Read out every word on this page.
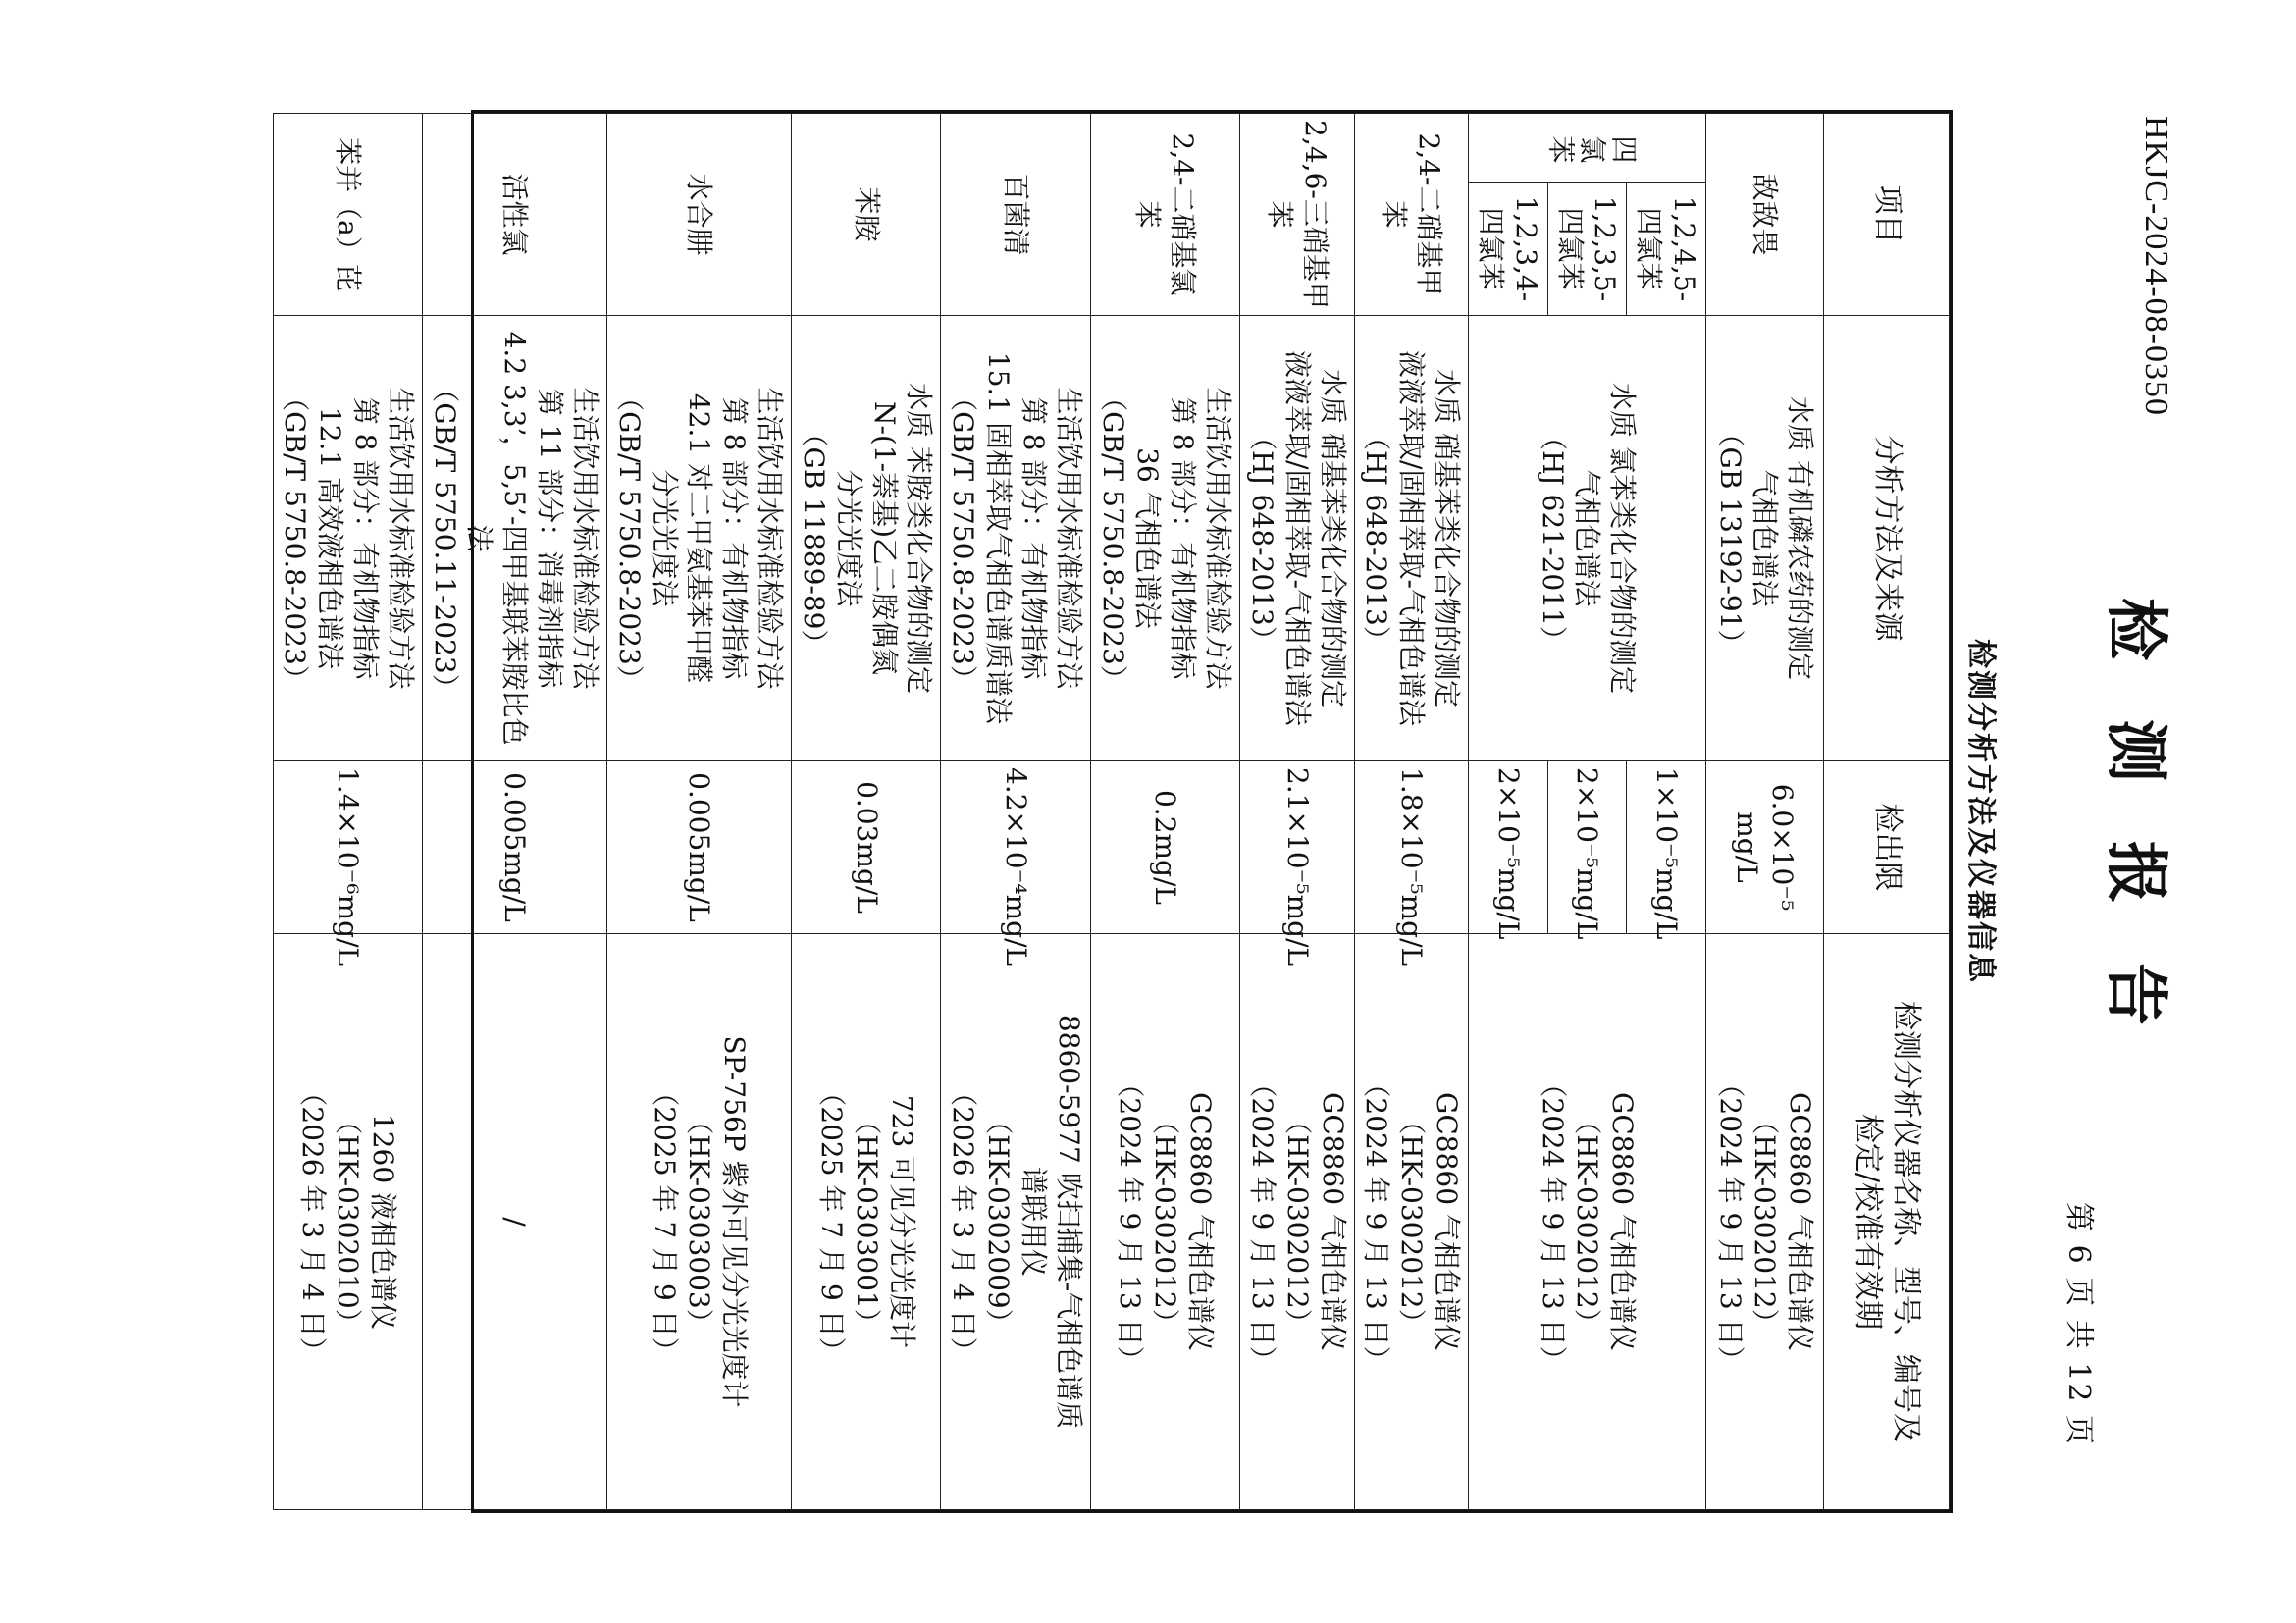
HKJC-2024-08-0350
检测报告
第 6 页 共 12 页
检测分析方法及仪器信息
项目		分析方法及来源	检出限	检测分析仪器名称、型号、编号及
检定/校准有效期

敌敌畏		水质 有机磷农药的测定
气相色谱法
（GB 13192-91）	6.0×10⁻⁵ mg/L	GC8860 气相色谱仪
（HK-0302012）
（2024 年 9 月 13 日）

四氯苯	1,2,4,5-四氯苯	水质 氯苯类化合物的测定
气相色谱法
（HJ 621-2011）	1×10⁻⁵mg/L	GC8860 气相色谱仪
（HK-0302012）
（2024 年 9 月 13 日）

	1,2,3,5-四氯苯		2×10⁻⁵mg/L	
	1,2,3,4-四氯苯		2×10⁻⁵mg/L	
2,4-二硝基甲苯		水质 硝基苯类化合物的测定
液液萃取/固相萃取-气相色谱法
（HJ 648-2013）	1.8×10⁻⁵mg/L	GC8860 气相色谱仪
（HK-0302012）
（2024 年 9 月 13 日）

2,4,6-三硝基甲苯		水质 硝基苯类化合物的测定
液液萃取/固相萃取-气相色谱法
（HJ 648-2013）	2.1×10⁻⁵mg/L	GC8860 气相色谱仪
（HK-0302012）
（2024 年 9 月 13 日）

2,4-二硝基氯苯		生活饮用水标准检验方法
第 8 部分：有机物指标
36 气相色谱法
（GB/T 5750.8-2023）	0.2mg/L	GC8860 气相色谱仪
（HK-0302012）
（2024 年 9 月 13 日）

百菌清		生活饮用水标准检验方法
第 8 部分：有机物指标
15.1 固相萃取气相色谱质谱法
（GB/T 5750.8-2023）	4.2×10⁻⁴mg/L	8860-5977 吹扫捕集-气相色谱质
谱联用仪
（HK-0302009）
（2026 年 3 月 4 日）

苯胺		水质 苯胺类化合物的测定
N-(1-萘基)乙二胺偶氮
分光光度法
（GB 11889-89）	0.03mg/L	723 可见分光光度计
（HK-0303001）
（2025 年 7 月 9 日）

水合肼		生活饮用水标准检验方法
第 8 部分：有机物指标
42.1 对二甲氨基苯甲醛
分光光度法
（GB/T 5750.8-2023）	0.005mg/L	SP-756P 紫外可见分光光度计
（HK-0303003）
（2025 年 7 月 9 日）

活性氯		生活饮用水标准检验方法
第 11 部分：消毒剂指标
4.2 3,3’，5,5’-四甲基联苯胺比色法
（GB/T 5750.11-2023）	0.005mg/L	/
苯并（a）芘		生活饮用水标准检验方法
第 8 部分：有机物指标
12.1 高效液相色谱法
（GB/T 5750.8-2023）	1.4×10⁻⁶mg/L	1260 液相色谱仪
（HK-0302010）
（2026 年 3 月 4 日）
